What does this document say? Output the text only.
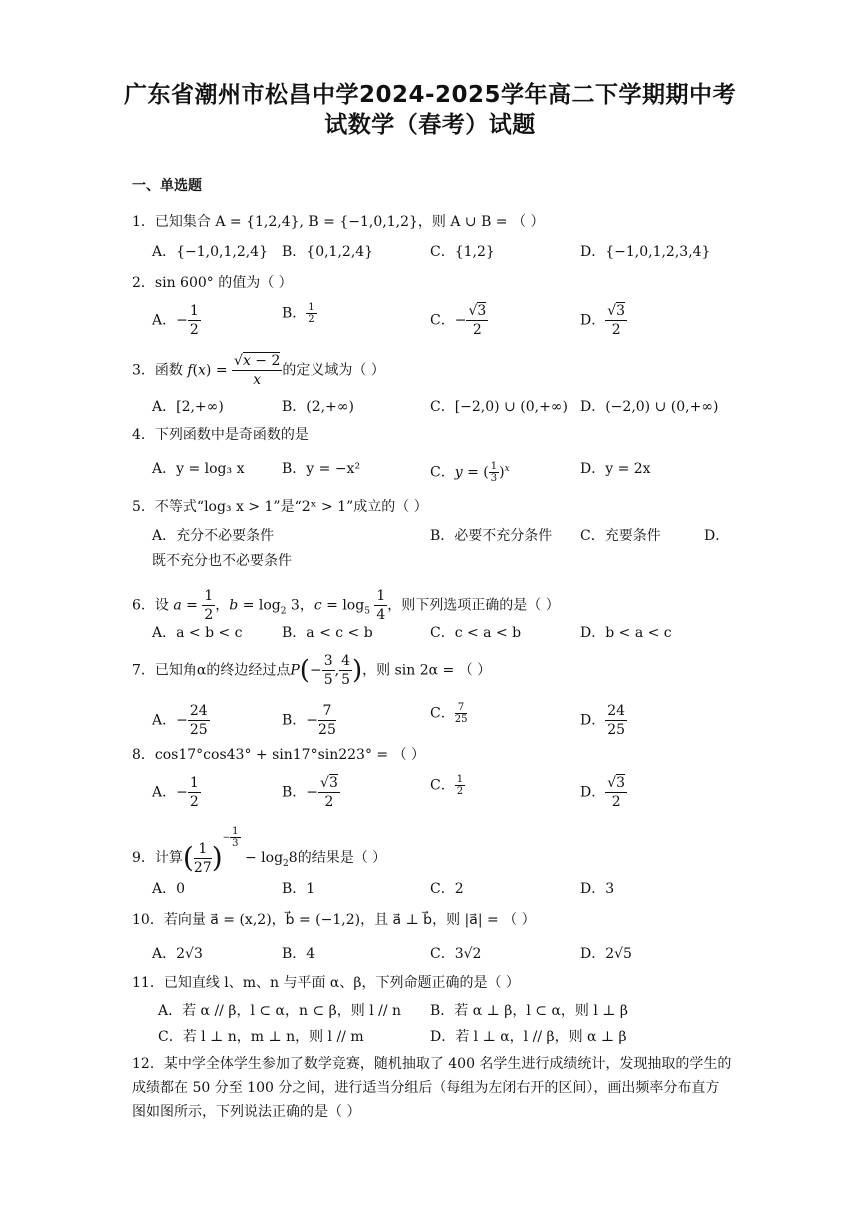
广东省潮州市松昌中学2024-2025学年高二下学期期中考
试数学（春考）试题
一、单选题
1．已知集合 A = {1,2,4}, B = {−1,0,1,2}，则 A ∪ B = （ ）
A．{−1,0,1,2,4} B．{0,1,2,4}	C．{1,2}	D．{−1,0,1,2,3,4}
2．sin 600° 的值为（ ）
A．− $\frac{1}{2}$	B． $\frac{1}{2}$	C．− $\frac{√3}{2}$	D． $\frac{√3}{2}$
3．函数 $f(x) = \frac{√x - 2}{x}$ 的定义域为（ ）
A．[2,+∞)	B．(2,+∞)	C．[−2,0) ∪ (0,+∞) D．(−2,0) ∪ (0,+∞)
4．下列函数中是奇函数的是
A．y = log₃ x	B．y = −x²	C．y = ( $\frac{1}{3} )^x$	D．y = 2x
5．不等式“log₃ x > 1”是“2ˣ > 1”成立的（ ）
A．充分不必要条件	B．必要不充分条件 C．充要条件	D．
既不充分也不必要条件
6．设 $a = \frac{1}{2}$ ，$b = \log_2 3$，$c = \log_5 \frac{1}{4}$ ，则下列选项正确的是（ ）
A．a < b < c	B．a < c < b	C．c < a < b	D．b < a < c
7．已知角α的终边经过点$P(- \frac{3}{5}$ , $\frac{4}{5}$ )，则 sin 2α = （ ）
A．− $\frac{24}{25}$	B．− $\frac{7}{25}$	C． $\frac{7}{25}$	D． $\frac{24}{25}$
8．cos17°cos43° + sin17°sin223° = （ ）
A．− $\frac{1}{2}$	B．− $\frac{√3}{2}$	C． $\frac{1}{2}$	D． $\frac{√3}{2}$
9．计算( $\frac{1}{27} )^{- \frac{1}{3}}$
− $\log_28$的结果是（ ）
A．0	B．1	C．2	D．3
10．若向量 a⃗ = (x,2)，b⃗ = (−1,2)，且 a⃗ ⊥ b⃗，则 |a⃗| = （ ）
A．2√3	B．4	C．3√2	D．2√5
11．已知直线 l、m、n 与平面 α、β，下列命题正确的是（ ）
A．若 α // β，l ⊂ α，n ⊂ β，则 l // n B．若 α ⊥ β，l ⊂ α，则 l ⊥ β
C．若 l ⊥ n，m ⊥ n，则 l // m	D．若 l ⊥ α，l // β，则 α ⊥ β
12．某中学全体学生参加了数学竞赛，随机抽取了 400 名学生进行成绩统计，发现抽取的学生的成绩都在 50 分至 100 分之间，进行适当分组后（每组为左闭右开的区间），画出频率分布直方图如图所示，下列说法正确的是（ ）
